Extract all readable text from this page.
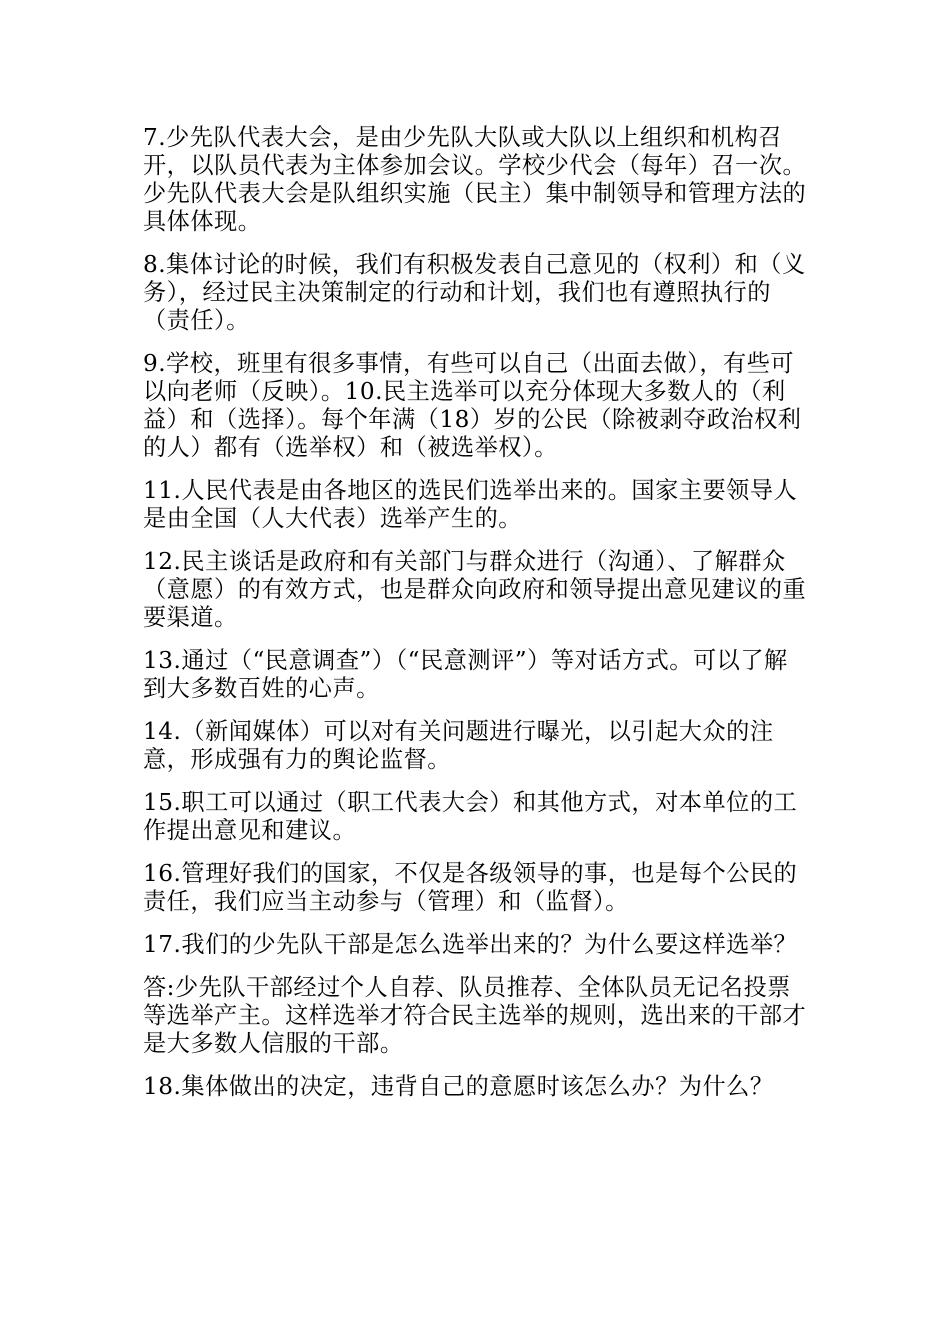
7.少先队代表大会，是由少先队大队或大队以上组织和机构召开，以队员代表为主体参加会议。学校少代会（每年）召一次。少先队代表大会是队组织实施（民主）集中制领导和管理方法的具体体现。

8.集体讨论的时候，我们有积极发表自己意见的（权利）和（义务），经过民主决策制定的行动和计划，我们也有遵照执行的（责任）。

9.学校，班里有很多事情，有些可以自己（出面去做），有些可以向老师（反映）。10.民主选举可以充分体现大多数人的（利益）和（选择）。每个年满（18）岁的公民（除被剥夺政治权利的人）都有（选举权）和（被选举权）。

11.人民代表是由各地区的选民们选举出来的。国家主要领导人是由全国（人大代表）选举产生的。

12.民主谈话是政府和有关部门与群众进行（沟通）、了解群众（意愿）的有效方式，也是群众向政府和领导提出意见建议的重要渠道。

13.通过（“民意调查”）（“民意测评”）等对话方式。可以了解到大多数百姓的心声。

14.（新闻媒体）可以对有关问题进行曝光，以引起大众的注意，形成强有力的舆论监督。

15.职工可以通过（职工代表大会）和其他方式，对本单位的工作提出意见和建议。

16.管理好我们的国家，不仅是各级领导的事，也是每个公民的责任，我们应当主动参与（管理）和（监督）。

17.我们的少先队干部是怎么选举出来的？为什么要这样选举？

答:少先队干部经过个人自荐、队员推荐、全体队员无记名投票等选举产主。这样选举才符合民主选举的规则，选出来的干部才是大多数人信服的干部。

18.集体做出的决定，违背自己的意愿时该怎么办？为什么？
